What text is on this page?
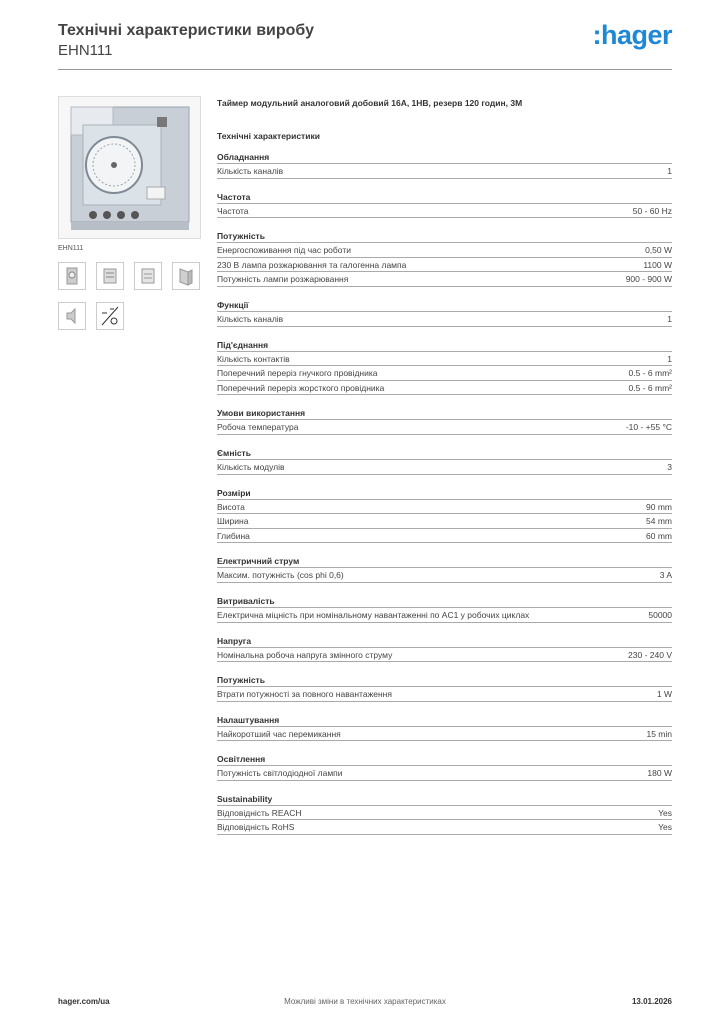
Технічні характеристики виробу
EHN111
:hager
EHN111
Таймер модульний аналоговий добовий 16A, 1НВ, резерв 120 годин, 3M
Технічні характеристики
Обладнання
Кількість каналів	1
Частота
Частота	50 - 60 Hz
Потужність
Енергоспоживання під час роботи	0,50 W
230 В лампа розжарювання та галогенна лампа	1100 W
Потужність лампи розжарювання	900 - 900 W
Функції
Кількість каналів	1
Під'єднання
Кількість контактів	1
Поперечний переріз гнучкого провідника	0.5 - 6 mm²
Поперечний переріз жорсткого провідника	0.5 - 6 mm²
Умови використання
Робоча температура	-10 - +55 °C
Ємність
Кількість модулів	3
Розміри
Висота	90 mm
Ширина	54 mm
Глибина	60 mm
Електричний струм
Максим. потужність (cos phi 0,6)	3 A
Витривалість
Електрична міцність при номінальному навантаженні по AC1 у робочих циклах	50000
Напруга
Номінальна робоча напруга змінного струму	230 - 240 V
Потужність
Втрати потужності за повного навантаження	1 W
Налаштування
Найкоротший час перемикання	15 min
Освітлення
Потужність світлодіодної лампи	180 W
Sustainability
Відповідність REACH	Yes
Відповідність RoHS	Yes
hager.com/ua	Можливі зміни в технічних характеристиках	13.01.2026
